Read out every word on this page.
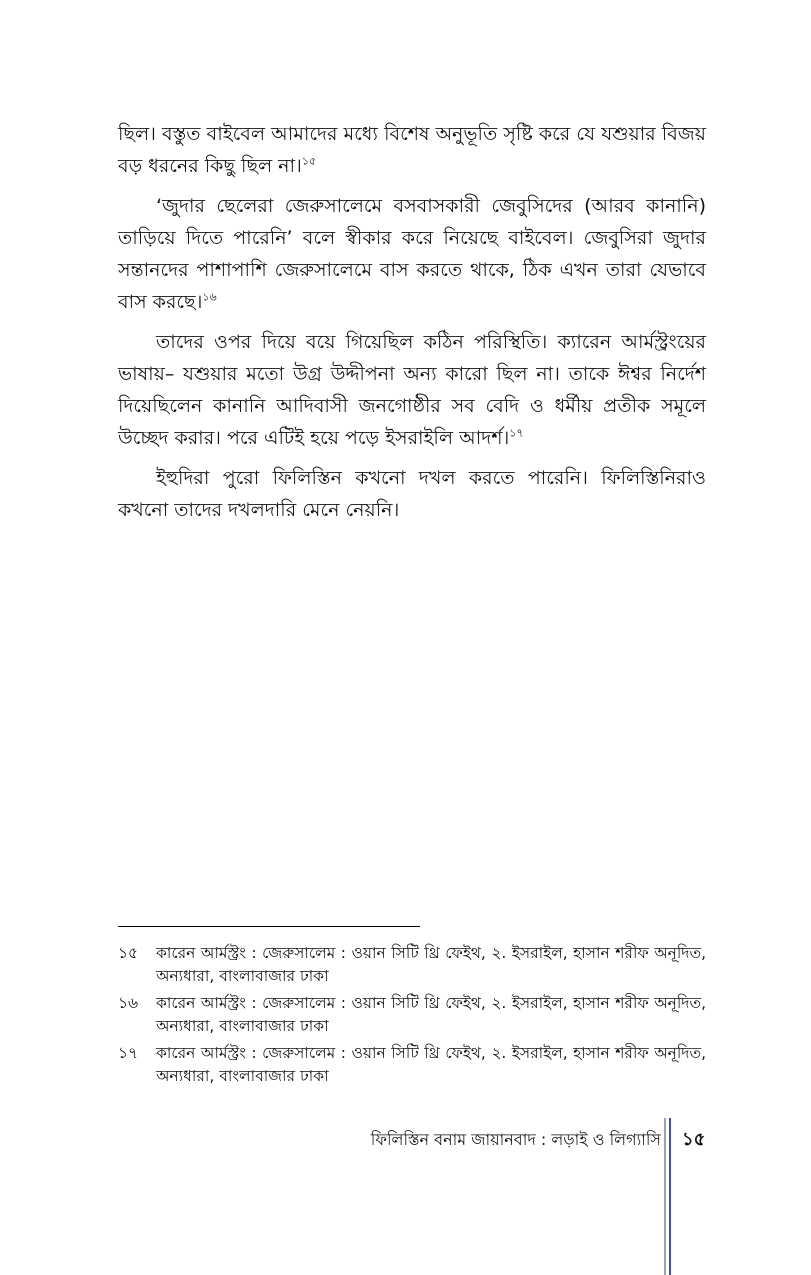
ছিল। বস্তুত বাইবেল আমাদের মধ্যে বিশেষ অনুভূতি সৃষ্টি করে যে যশুয়ার বিজয় বড় ধরনের কিছু ছিল না।$^{১৫}$

‘জুদার ছেলেরা জেরুসালেমে বসবাসকারী জেবুসিদের (আরব কানানি) তাড়িয়ে দিতে পারেনি’ বলে স্বীকার করে নিয়েছে বাইবেল। জেবুসিরা জুদার সন্তানদের পাশাপাশি জেরুসালেমে বাস করতে থাকে, ঠিক এখন তারা যেভাবে বাস করছে।$^{১৬}$

তাদের ওপর দিয়ে বয়ে গিয়েছিল কঠিন পরিস্থিতি। ক্যারেন আর্মস্ট্রংয়ের ভাষায়– যশুয়ার মতো উগ্র উদ্দীপনা অন্য কারো ছিল না। তাকে ঈশ্বর নির্দেশ দিয়েছিলেন কানানি আদিবাসী জনগোষ্ঠীর সব বেদি ও ধর্মীয় প্রতীক সমূলে উচ্ছেদ করার। পরে এটিই হয়ে পড়ে ইসরাইলি আদর্শ।$^{১৭}$

ইহুদিরা পুরো ফিলিস্তিন কখনো দখল করতে পারেনি। ফিলিস্তিনিরাও কখনো তাদের দখলদারি মেনে নেয়নি।

১৫	কারেন আর্মস্ট্রং : জেরুসালেম : ওয়ান সিটি থ্রি ফেইথ, ২. ইসরাইল, হাসান শরীফ অনূদিত, অন্যধারা, বাংলাবাজার ঢাকা
১৬	কারেন আর্মস্ট্রং : জেরুসালেম : ওয়ান সিটি থ্রি ফেইথ, ২. ইসরাইল, হাসান শরীফ অনূদিত, অন্যধারা, বাংলাবাজার ঢাকা
১৭	কারেন আর্মস্ট্রং : জেরুসালেম : ওয়ান সিটি থ্রি ফেইথ, ২. ইসরাইল, হাসান শরীফ অনূদিত, অন্যধারা, বাংলাবাজার ঢাকা
ফিলিস্তিন বনাম জায়ানবাদ : লড়াই ও লিগ্যাসি ১৫
